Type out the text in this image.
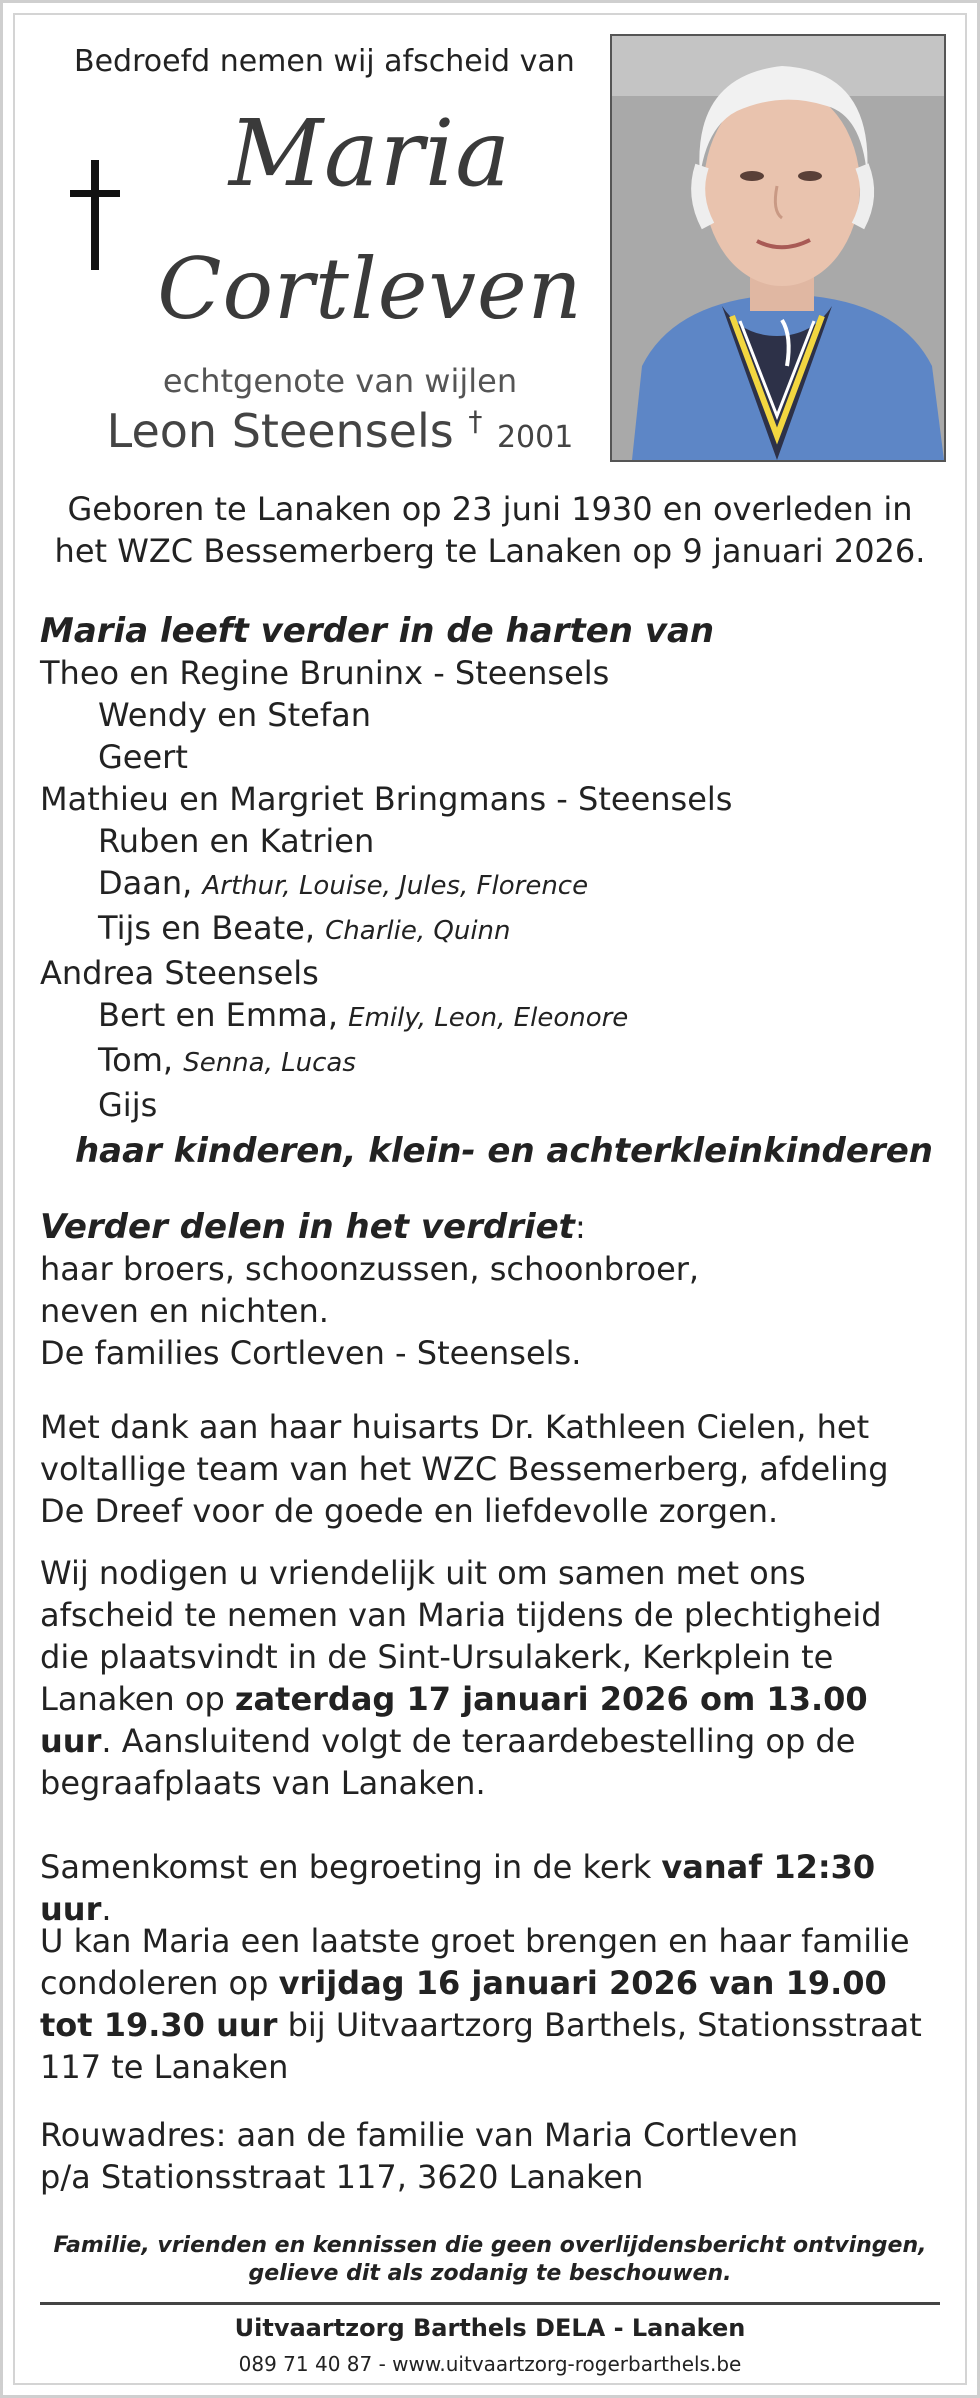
Bedroefd nemen wij afscheid van
Maria
Cortleven
echtgenote van wijlen
Leon Steensels † 2001
Geboren te Lanaken op 23 juni 1930 en overleden in het WZC Bessemerberg te Lanaken op 9 januari 2026.
Maria leeft verder in de harten van
Theo en Regine Bruninx - Steensels
Wendy en Stefan
Geert
Mathieu en Margriet Bringmans - Steensels
Ruben en Katrien
Daan, Arthur, Louise, Jules, Florence
Tijs en Beate, Charlie, Quinn
Andrea Steensels
Bert en Emma, Emily, Leon, Eleonore
Tom, Senna, Lucas
Gijs
haar kinderen, klein- en achterkleinkinderen
Verder delen in het verdriet:
haar broers, schoonzussen, schoonbroer,
neven en nichten.
De families Cortleven - Steensels.
Met dank aan haar huisarts Dr. Kathleen Cielen, het voltallige team van het WZC Bessemerberg, afdeling De Dreef voor de goede en liefdevolle zorgen.
Wij nodigen u vriendelijk uit om samen met ons afscheid te nemen van Maria tijdens de plechtigheid die plaatsvindt in de Sint-Ursulakerk, Kerkplein te Lanaken op zaterdag 17 januari 2026 om 13.00 uur. Aansluitend volgt de teraardebestelling op de begraafplaats van Lanaken.
Samenkomst en begroeting in de kerk vanaf 12:30 uur.
U kan Maria een laatste groet brengen en haar familie condoleren op vrijdag 16 januari 2026 van 19.00 tot 19.30 uur bij Uitvaartzorg Barthels, Stationsstraat 117 te Lanaken
Rouwadres: aan de familie van Maria Cortleven
p/a Stationsstraat 117, 3620 Lanaken
Familie, vrienden en kennissen die geen overlijdensbericht ontvingen,
gelieve dit als zodanig te beschouwen.
Uitvaartzorg Barthels DELA - Lanaken
089 71 40 87 - www.uitvaartzorg-rogerbarthels.be
